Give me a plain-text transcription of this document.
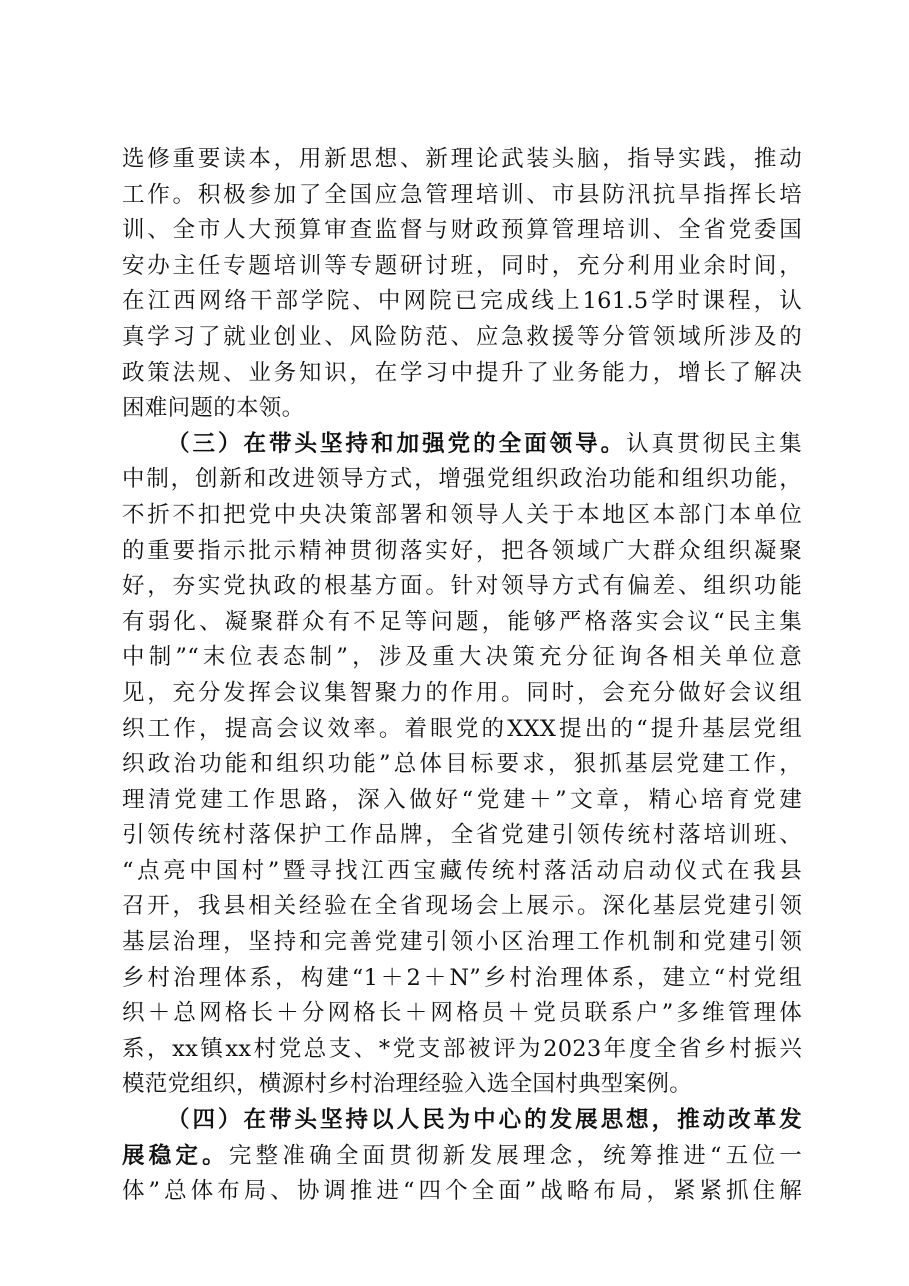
选修重要读本，用新思想、新理论武装头脑，指导实践，推动
工作。积极参加了全国应急管理培训、市县防汛抗旱指挥长培
训、全市人大预算审查监督与财政预算管理培训、全省党委国
安办主任专题培训等专题研讨班，同时，充分利用业余时间，
在江西网络干部学院、中网院已完成线上161.5学时课程，认
真学习了就业创业、风险防范、应急救援等分管领域所涉及的
政策法规、业务知识，在学习中提升了业务能力，增长了解决
困难问题的本领。
（三）在带头坚持和加强党的全面领导。认真贯彻民主集
中制，创新和改进领导方式，增强党组织政治功能和组织功能，
不折不扣把党中央决策部署和领导人关于本地区本部门本单位
的重要指示批示精神贯彻落实好，把各领域广大群众组织凝聚
好，夯实党执政的根基方面。针对领导方式有偏差、组织功能
有弱化、凝聚群众有不足等问题，能够严格落实会议“民主集
中制”“末位表态制”，涉及重大决策充分征询各相关单位意
见，充分发挥会议集智聚力的作用。同时，会充分做好会议组
织工作，提高会议效率。着眼党的XXX提出的“提升基层党组
织政治功能和组织功能”总体目标要求，狠抓基层党建工作，
理清党建工作思路，深入做好“党建＋”文章，精心培育党建
引领传统村落保护工作品牌，全省党建引领传统村落培训班、
“点亮中国村”暨寻找江西宝藏传统村落活动启动仪式在我县
召开，我县相关经验在全省现场会上展示。深化基层党建引领
基层治理，坚持和完善党建引领小区治理工作机制和党建引领
乡村治理体系，构建“1＋2＋N”乡村治理体系，建立“村党组
织＋总网格长＋分网格长＋网格员＋党员联系户”多维管理体
系，xx镇xx村党总支、*党支部被评为2023年度全省乡村振兴
模范党组织，横源村乡村治理经验入选全国村典型案例。
（四）在带头坚持以人民为中心的发展思想，推动改革发
展稳定。完整准确全面贯彻新发展理念，统筹推进“五位一
体”总体布局、协调推进“四个全面”战略布局，紧紧抓住解
